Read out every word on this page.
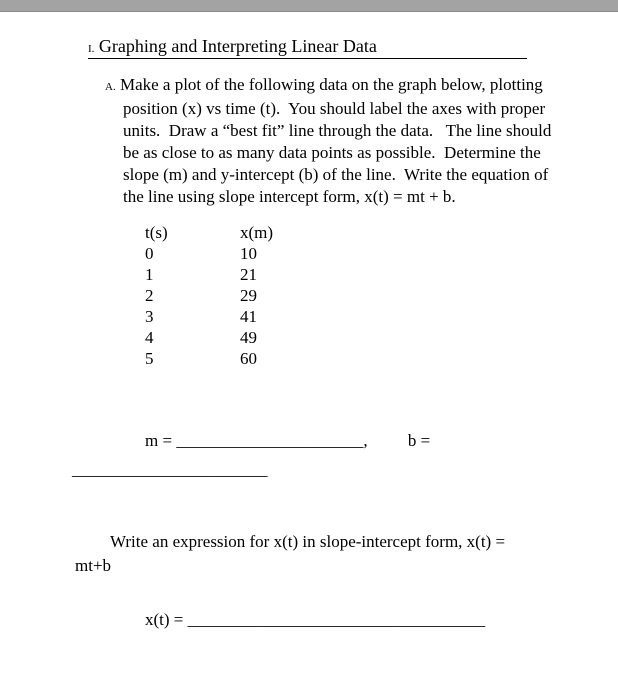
I. Graphing and Interpreting Linear Data

A. Make a plot of the following data on the graph below, plotting position (x) vs time (t).  You should label the axes with proper units.  Draw a “best fit” line through the data.   The line should be as close to as many data points as possible.  Determine the slope (m) and y-intercept (b) of the line.  Write the equation of the line using slope intercept form, x(t) = mt + b.

t(s)	x(m)
0	10
1	21
2	29
3	41
4	49
5	60
m = ______________________, b =
_______________________
Write an expression for x(t) in slope-intercept form, x(t) =
mt+b
x(t) = ___________________________________
